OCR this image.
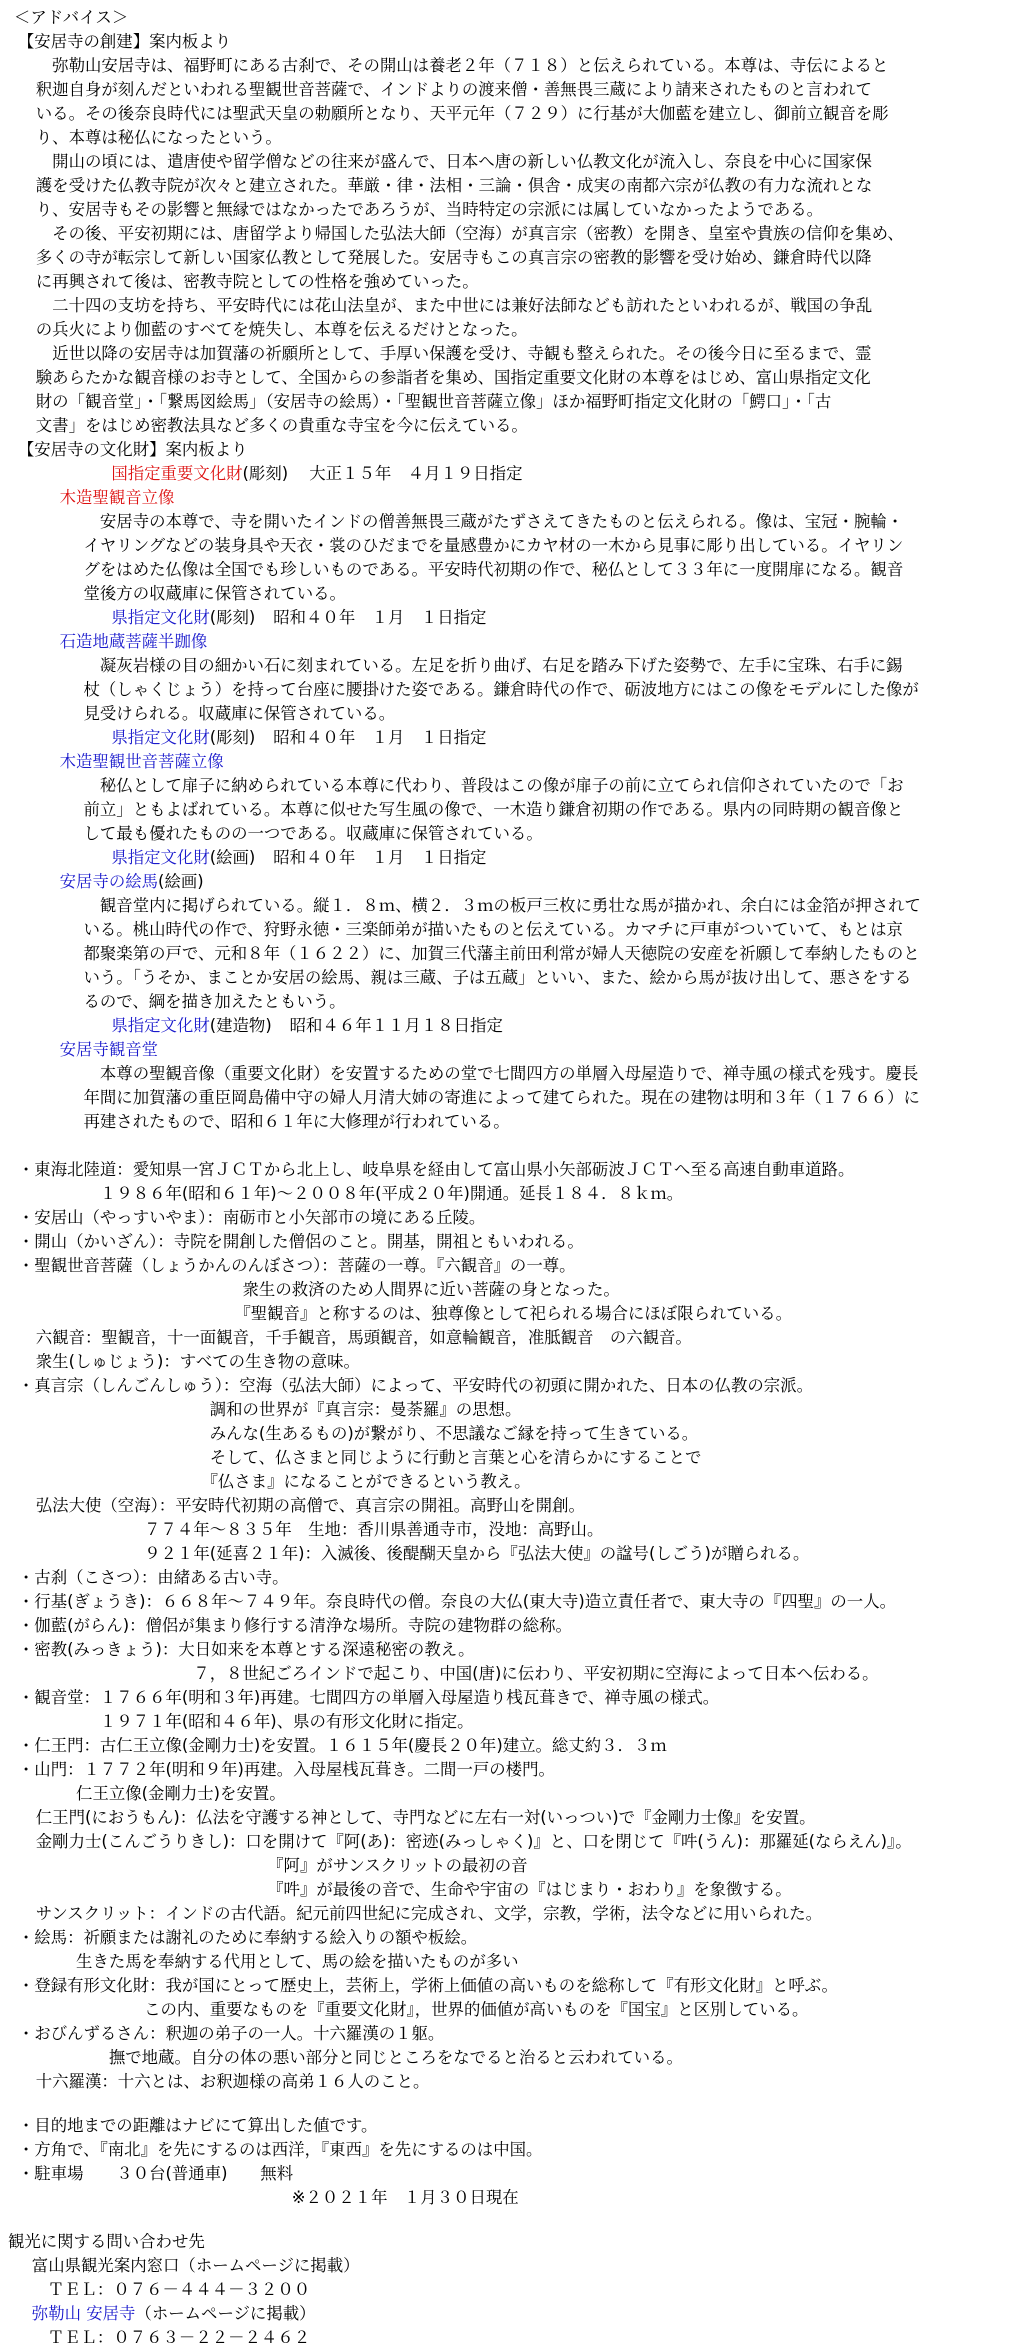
＜アドバイス＞
【安居寺の創建】案内板より
　弥勒山安居寺は、福野町にある古刹で、その開山は養老２年（７１８）と伝えられている。本尊は、寺伝によると
釈迦自身が刻んだといわれる聖観世音菩薩で、インドよりの渡来僧・善無畏三蔵により請来されたものと言われて
いる。その後奈良時代には聖武天皇の勅願所となり、天平元年（７２９）に行基が大伽藍を建立し、御前立観音を彫
り、本尊は秘仏になったという。
　開山の頃には、遣唐使や留学僧などの往来が盛んで、日本へ唐の新しい仏教文化が流入し、奈良を中心に国家保
護を受けた仏教寺院が次々と建立された。華厳・律・法相・三論・倶舎・成実の南都六宗が仏教の有力な流れとな
り、安居寺もその影響と無縁ではなかったであろうが、当時特定の宗派には属していなかったようである。
　その後、平安初期には、唐留学より帰国した弘法大師（空海）が真言宗（密教）を開き、皇室や貴族の信仰を集め、
多くの寺が転宗して新しい国家仏教として発展した。安居寺もこの真言宗の密教的影響を受け始め、鎌倉時代以降
に再興されて後は、密教寺院としての性格を強めていった。
　二十四の支坊を持ち、平安時代には花山法皇が、また中世には兼好法師なども訪れたといわれるが、戦国の争乱
の兵火により伽藍のすべてを焼失し、本尊を伝えるだけとなった。
　近世以降の安居寺は加賀藩の祈願所として、手厚い保護を受け、寺観も整えられた。その後今日に至るまで、霊
験あらたかな観音様のお寺として、全国からの参詣者を集め、国指定重要文化財の本尊をはじめ、富山県指定文化
財の「観音堂」・「繋馬図絵馬」（安居寺の絵馬）・「聖観世音菩薩立像」ほか福野町指定文化財の「鰐口」・「古
文書」をはじめ密教法具など多くの貴重な寺宝を今に伝えている。
【安居寺の文化財】案内板より
国指定重要文化財(彫刻) 大正１５年　４月１９日指定
木造聖観音立像
　安居寺の本尊で、寺を開いたインドの僧善無畏三蔵がたずさえてきたものと伝えられる。像は、宝冠・腕輪・
イヤリングなどの装身具や天衣・裳のひだまでを量感豊かにカヤ材の一木から見事に彫り出している。イヤリン
グをはめた仏像は全国でも珍しいものである。平安時代初期の作で、秘仏として３３年に一度開扉になる。観音
堂後方の収蔵庫に保管されている。
県指定文化財(彫刻) 昭和４０年　１月　１日指定
石造地蔵菩薩半跏像
　凝灰岩様の目の細かい石に刻まれている。左足を折り曲げ、右足を踏み下げた姿勢で、左手に宝珠、右手に錫
杖（しゃくじょう）を持って台座に腰掛けた姿である。鎌倉時代の作で、砺波地方にはこの像をモデルにした像が
見受けられる。収蔵庫に保管されている。
県指定文化財(彫刻) 昭和４０年　１月　１日指定
木造聖観世音菩薩立像
　秘仏として扉子に納められている本尊に代わり、普段はこの像が扉子の前に立てられ信仰されていたので「お
前立」ともよばれている。本尊に似せた写生風の像で、一木造り鎌倉初期の作である。県内の同時期の観音像と
して最も優れたものの一つである。収蔵庫に保管されている。
県指定文化財(絵画) 昭和４０年　１月　１日指定
安居寺の絵馬(絵画)
　観音堂内に掲げられている。縦１．８ｍ、横２．３ｍの板戸三枚に勇壮な馬が描かれ、余白には金箔が押されて
いる。桃山時代の作で、狩野永徳・三楽師弟が描いたものと伝えている。カマチに戸車がついていて、もとは京
都聚楽第の戸で、元和８年（１６２２）に、加賀三代藩主前田利常が婦人天徳院の安産を祈願して奉納したものと
いう。「うそか、まことか安居の絵馬、親は三蔵、子は五蔵」といい、また、絵から馬が抜け出して、悪さをする
るので、綱を描き加えたともいう。
県指定文化財(建造物) 昭和４６年１１月１８日指定
安居寺観音堂
　本尊の聖観音像（重要文化財）を安置するための堂で七間四方の単層入母屋造りで、禅寺風の様式を残す。慶長
年間に加賀藩の重臣岡島備中守の婦人月清大姉の寄進によって建てられた。現在の建物は明和３年（１７６６）に
再建されたもので、昭和６１年に大修理が行われている。
・東海北陸道：愛知県一宮ＪＣＴから北上し、岐阜県を経由して富山県小矢部砺波ＪＣＴへ至る高速自動車道路。
　１９８６年(昭和６１年)～２００８年(平成２０年)開通。延長１８４．８ｋｍ。
・安居山（やっすいやま）：南砺市と小矢部市の境にある丘陵。
・開山（かいざん）：寺院を開創した僧侶のこと。開基，開祖ともいわれる。
・聖観世音菩薩（しょうかんのんぼさつ）：菩薩の一尊。『六観音』の一尊。
　　　　　　　　衆生の救済のため人間界に近い菩薩の身となった。
　　　　　　　　『聖観音』と称するのは、独尊像として祀られる場合にほぼ限られている。
六観音：聖観音，十一面観音，千手観音，馬頭観音，如意輪観音，准胝観音　の六観音。
衆生(しゅじょう)：すべての生き物の意味。
・真言宗（しんごんしゅう）：空海（弘法大師）によって、平安時代の初頭に開かれた、日本の仏教の宗派。
　　　　　　調和の世界が『真言宗：曼荼羅』の思想。
　　　　　　みんな(生あるもの)が繋がり、不思議なご縁を持って生きている。
　　　　　　そして、仏さまと同じように行動と言葉と心を清らかにすることで
　　　　　　『仏さま』になることができるという教え。
弘法大使（空海）：平安時代初期の高僧で、真言宗の開祖。高野山を開創。
　　７７４年～８３５年　生地：香川県善通寺市，没地：高野山。
　　９２１年(延喜２１年)：入滅後、後醍醐天皇から『弘法大使』の諡号(しごう)が贈られる。
・古刹（こさつ）：由緒ある古い寺。
・行基(ぎょうき)：６６８年～７４９年。奈良時代の僧。奈良の大仏(東大寺)造立責任者で、東大寺の『四聖』の一人。
・伽藍(がらん)：僧侶が集まり修行する清浄な場所。寺院の建物群の総称。
・密教(みっきょう)：大日如来を本尊とする深遠秘密の教え。
　　　　　７，８世紀ごろインドで起こり、中国(唐)に伝わり、平安初期に空海によって日本へ伝わる。
・観音堂：１７６６年(明和３年)再建。七間四方の単層入母屋造り桟瓦葺きで、禅寺風の様式。
　１９７１年(昭和４６年)、県の有形文化財に指定。
・仁王門：古仁王立像(金剛力士)を安置。１６１５年(慶長２０年)建立。総丈約３．３ｍ
・山門：１７７２年(明和９年)再建。入母屋桟瓦葺き。二間一戸の楼門。
　仁王立像(金剛力士)を安置。
仁王門(におうもん)：仏法を守護する神として、寺門などに左右一対(いっつい)で『金剛力士像』を安置。
金剛力士(こんごうりきし)：口を開けて『阿(あ)：密迹(みっしゃく)』と、口を閉じて『吽(うん)：那羅延(ならえん)』。
　　　　　　　　　　『阿』がサンスクリットの最初の音
　　　　　　　　　　『吽』が最後の音で、生命や宇宙の『はじまり・おわり』を象徴する。
サンスクリット：インドの古代語。紀元前四世紀に完成され、文学，宗教，学術，法令などに用いられた。
・絵馬：祈願または謝礼のために奉納する絵入りの額や板絵。
　生きた馬を奉納する代用として、馬の絵を描いたものが多い
・登録有形文化財：我が国にとって歴史上，芸術上，学術上価値の高いものを総称して『有形文化財』と呼ぶ。
　　この内、重要なものを『重要文化財』，世界的価値が高いものを『国宝』と区別している。
・おびんずるさん：釈迦の弟子の一人。十六羅漢の１躯。
　　　撫で地蔵。自分の体の悪い部分と同じところをなでると治ると云われている。
十六羅漢：十六とは、お釈迦様の高弟１６人のこと。
・目的地までの距離はナビにて算出した値です。
・方角で、『南北』を先にするのは西洋，『東西』を先にするのは中国。
・駐車場　　３０台(普通車)　　無料
　　　　　　　　　　　※２０２１年　１月３０日現在
観光に関する問い合わせ先
富山県観光案内窓口（ホームページに掲載）
ＴＥＬ：０７６－４４４－３２００
弥勒山 安居寺（ホームページに掲載）
ＴＥＬ：０７６３－２２－２４６２
